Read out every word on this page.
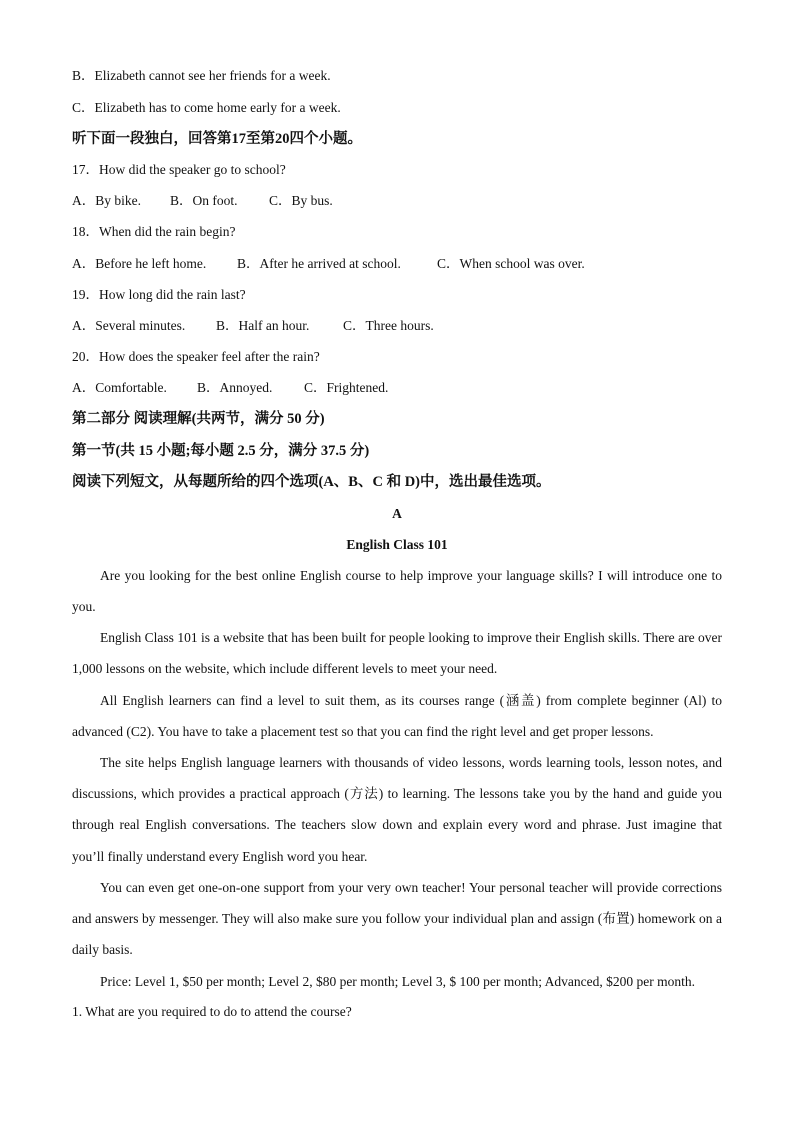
B．Elizabeth cannot see her friends for a week.
C．Elizabeth has to come home early for a week.
听下面一段独白，回答第17至第20四个小题。
17．How did the speaker go to school?
A．By bike. B．On foot. C．By bus.
18．When did the rain begin?
A．Before he left home. B．After he arrived at school.	C．When school was over.
19．How long did the rain last?
A．Several minutes. B．Half an hour. C．Three hours.
20．How does the speaker feel after the rain?
A．Comfortable. B．Annoyed. C．Frightened.
第二部分 阅读理解(共两节，满分 50 分)
第一节(共 15 小题;每小题 2.5 分，满分 37.5 分)
阅读下列短文，从每题所给的四个选项(A、B、C 和 D)中，选出最佳选项。
A
English Class 101
Are you looking for the best online English course to help improve your language skills? I will introduce one to you.
English Class 101 is a website that has been built for people looking to improve their English skills. There are over 1,000 lessons on the website, which include different levels to meet your need.
All English learners can find a level to suit them, as its courses range (涵盖) from complete beginner (Al) to advanced (C2). You have to take a placement test so that you can find the right level and get proper lessons.
The site helps English language learners with thousands of video lessons, words learning tools, lesson notes, and discussions, which provides a practical approach (方法) to learning. The lessons take you by the hand and guide you through real English conversations. The teachers slow down and explain every word and phrase. Just imagine that you’ll finally understand every English word you hear.
You can even get one-on-one support from your very own teacher! Your personal teacher will provide corrections and answers by messenger. They will also make sure you follow your individual plan and assign (布置) homework on a daily basis.
Price: Level 1, $50 per month; Level 2, $80 per month; Level 3, $ 100 per month; Advanced, $200 per month.
1. What are you required to do to attend the course?
